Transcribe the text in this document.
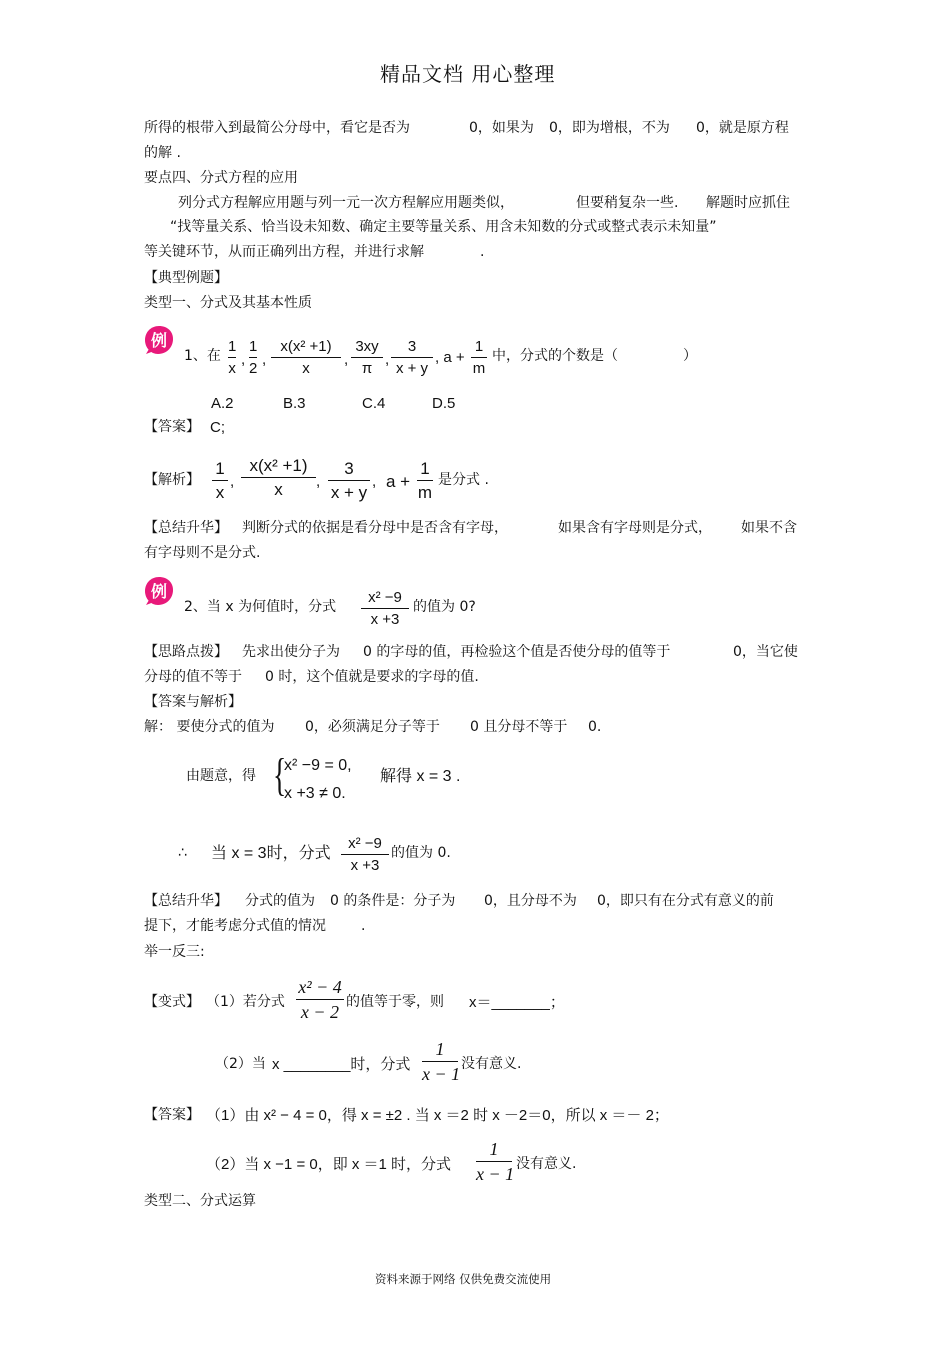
精品文档 用心整理
所得的根带入到最简公分母中，看它是否为	0，如果为 0，即为增根，不为 0，就是原方程
的解 .
要点四、分式方程的应用
列分式方程解应用题与列一元一次方程解应用题类似，	但要稍复杂一些. 解题时应抓住
“找等量关系、恰当设未知数、确定主要等量关系、用含未知数的分式或整式表示未知量”
等关键环节，从而正确列出方程，并进行求解	.
【典型例题】
类型一、分式及其基本性质
例
1、在 $\frac{1}{x}$ , $\frac{1}{2}$ , $\frac{\text{x(x² +1)}}{x}$ , $\frac{3xy}{\pi}$ , $\frac{3}{x + y}$ , $a + \frac{1}{m}$ 中，分式的个数是（	）
A.2	B.3	C.4	D.5
【答案】 C;
【解析】 $\frac{1}{x}$ , $\frac{\text{x(x² +1)}}{x}$ , $\frac{3}{x + y}$ , $a + \frac{1}{m}$ 是分式 .
【总结升华】 判断分式的依据是看分母中是否含有字母，	如果含有字母则是分式， 如果不含
有字母则不是分式.
例
2、当 x 为何值时，分式 $\frac{\text{x² −9}}{x +3}$ 的值为 0?
【思路点拨】 先求出使分子为 0 的字母的值，再检验这个值是否使分母的值等于	0，当它使
分母的值不等于 0 时，这个值就是要求的字母的值.
【答案与解析】
解： 要使分式的值为 0，必须满足分子等于 0 且分母不等于 0.
由题意，得 {
x² −9 = 0,
x +3 ≠ 0.
解得 x = 3 .
∴ 当 x = 3时，分式 $\frac{\text{x² −9}}{x +3}$ 的值为 0.
【总结升华】 分式的值为 0 的条件是：分子为 0，且分母不为 0，即只有在分式有意义的前
提下，才能考虑分式值的情况	.
举一反三:
【变式】 （1）若分式 $\frac{\text{x² − 4}}{x - 2}$ 的值等于零，则 x＝_______；
（2）当 x ________时，分式 $\frac{1}{x - 1}$ 没有意义.
【答案】 （1）由 x² − 4 = 0，得 x = ±2 . 当 x ＝2 时 x －2＝0，所以 x ＝－ 2；
（2）当 x −1 = 0，即 x ＝1 时，分式 $\frac{1}{x - 1}$ 没有意义.
类型二、分式运算
资料来源于网络 仅供免费交流使用
